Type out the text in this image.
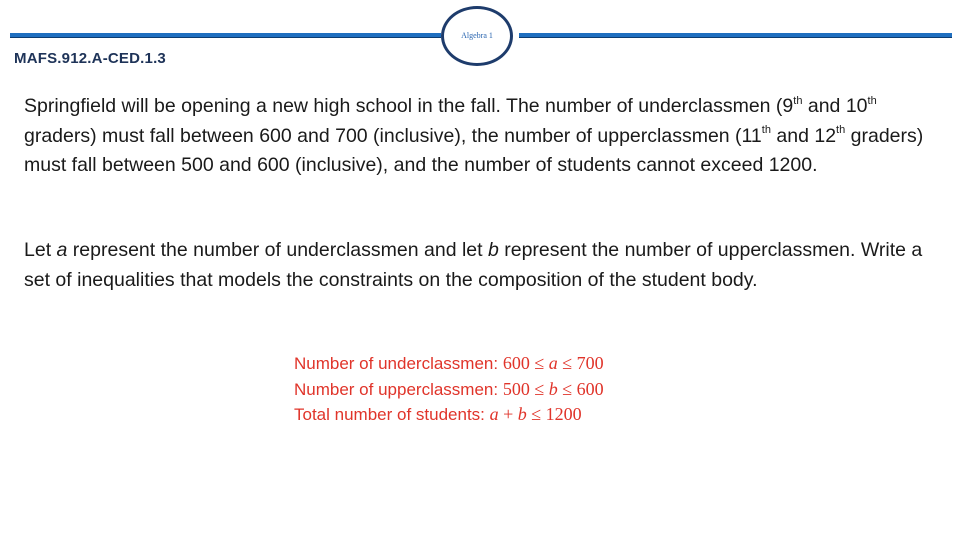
Algebra 1
MAFS.912.A-CED.1.3

Springfield will be opening a new high school in the fall. The number of underclassmen (9th and 10th graders) must fall between 600 and 700 (inclusive), the number of upperclassmen (11th and 12th graders) must fall between 500 and 600 (inclusive), and the number of students cannot exceed 1200.

Let a represent the number of underclassmen and let b represent the number of upperclassmen. Write a set of inequalities that models the constraints on the composition of the student body.

Number of underclassmen: 600 ≤ a ≤ 700
Number of upperclassmen: 500 ≤ b ≤ 600
Total number of students: a + b ≤ 1200
